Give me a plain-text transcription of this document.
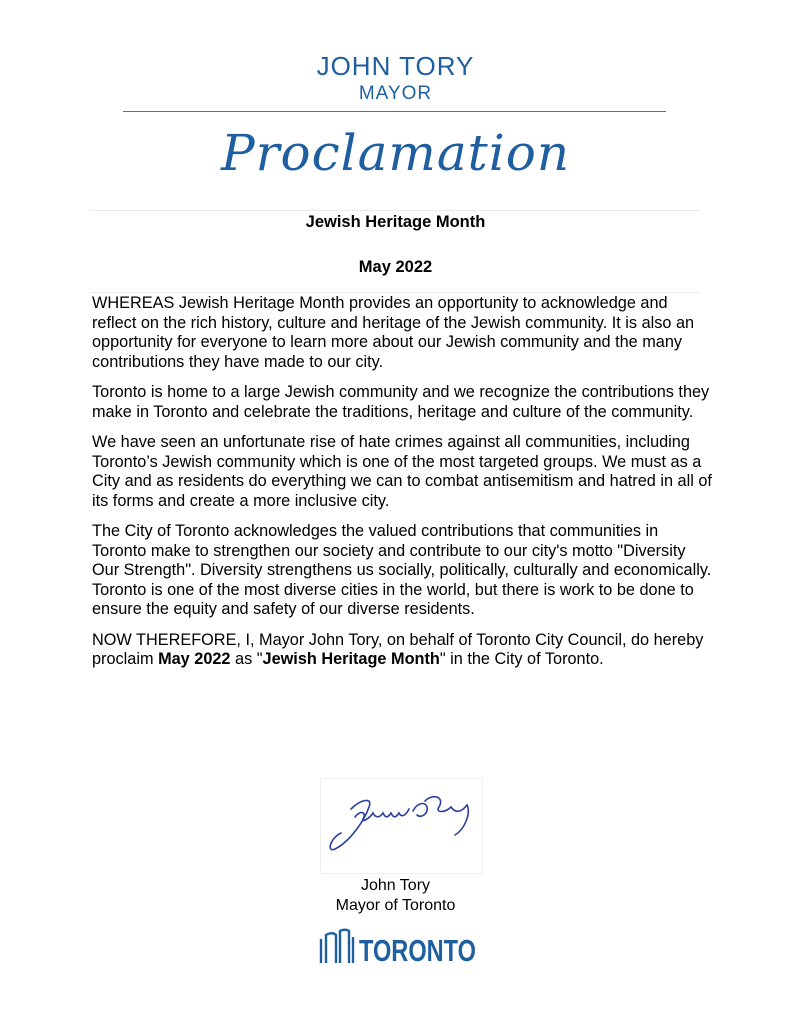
JOHN TORY
MAYOR
Proclamation
Jewish Heritage Month
May 2022

WHEREAS Jewish Heritage Month provides an opportunity to acknowledge and reflect on the rich history, culture and heritage of the Jewish community. It is also an opportunity for everyone to learn more about our Jewish community and the many contributions they have made to our city.

Toronto is home to a large Jewish community and we recognize the contributions they make in Toronto and celebrate the traditions, heritage and culture of the community.

We have seen an unfortunate rise of hate crimes against all communities, including Toronto’s Jewish community which is one of the most targeted groups. We must as a City and as residents do everything we can to combat antisemitism and hatred in all of its forms and create a more inclusive city.

The City of Toronto acknowledges the valued contributions that communities in Toronto make to strengthen our society and contribute to our city's motto "Diversity Our Strength". Diversity strengthens us socially, politically, culturally and economically. Toronto is one of the most diverse cities in the world, but there is work to be done to ensure the equity and safety of our diverse residents.

NOW THEREFORE, I, Mayor John Tory, on behalf of Toronto City Council, do hereby proclaim May 2022 as "Jewish Heritage Month" in the City of Toronto.

John Tory
Mayor of Toronto
TORONTO
